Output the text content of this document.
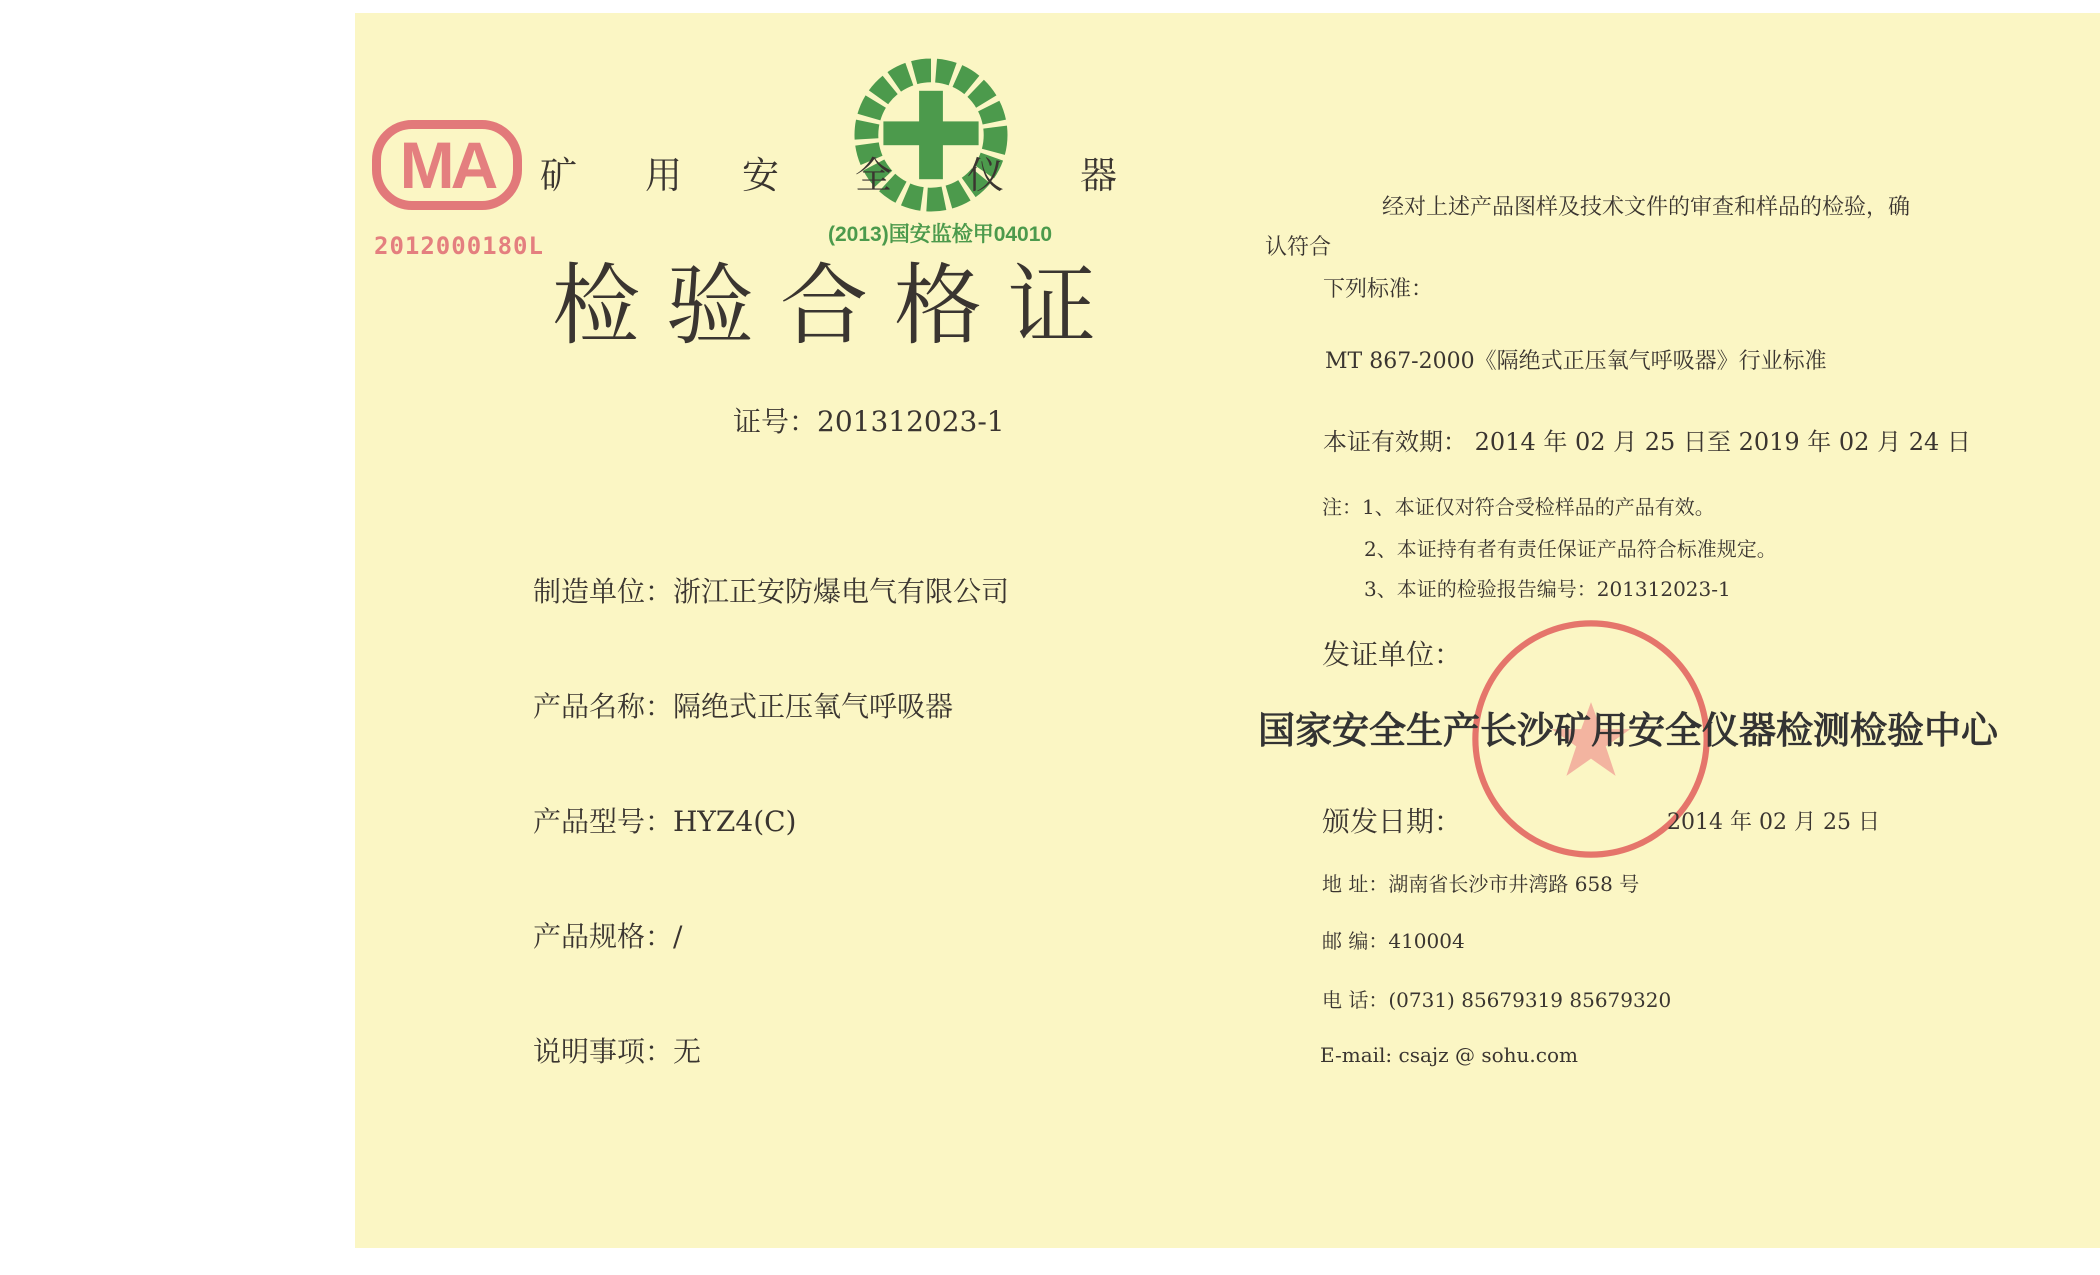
MA
2012000180L	(2013)国安监检甲04010
矿 用 安 全 仪 器
检验合格证
证号：201312023-1
制造单位：浙江正安防爆电气有限公司
产品名称：隔绝式正压氧气呼吸器
产品型号：HYZ4(C)
产品规格：/
说明事项：无
经对上述产品图样及技术文件的审查和样品的检验，确
认符合
下列标准：
MT 867-2000《隔绝式正压氧气呼吸器》行业标准
本证有效期： 2014 年 02 月 25 日至 2019 年 02 月 24 日
注：1、本证仅对符合受检样品的产品有效。
2、本证持有者有责任保证产品符合标准规定。
3、本证的检验报告编号：201312023-1
发证单位：
国家安全生产长沙矿用安全仪器检测检验中心
颁发日期：	2014 年 02 月 25 日
地 址：湖南省长沙市井湾路 658 号
邮 编：410004
电 话：(0731) 85679319 85679320
E-mail: csajz @ sohu.com
